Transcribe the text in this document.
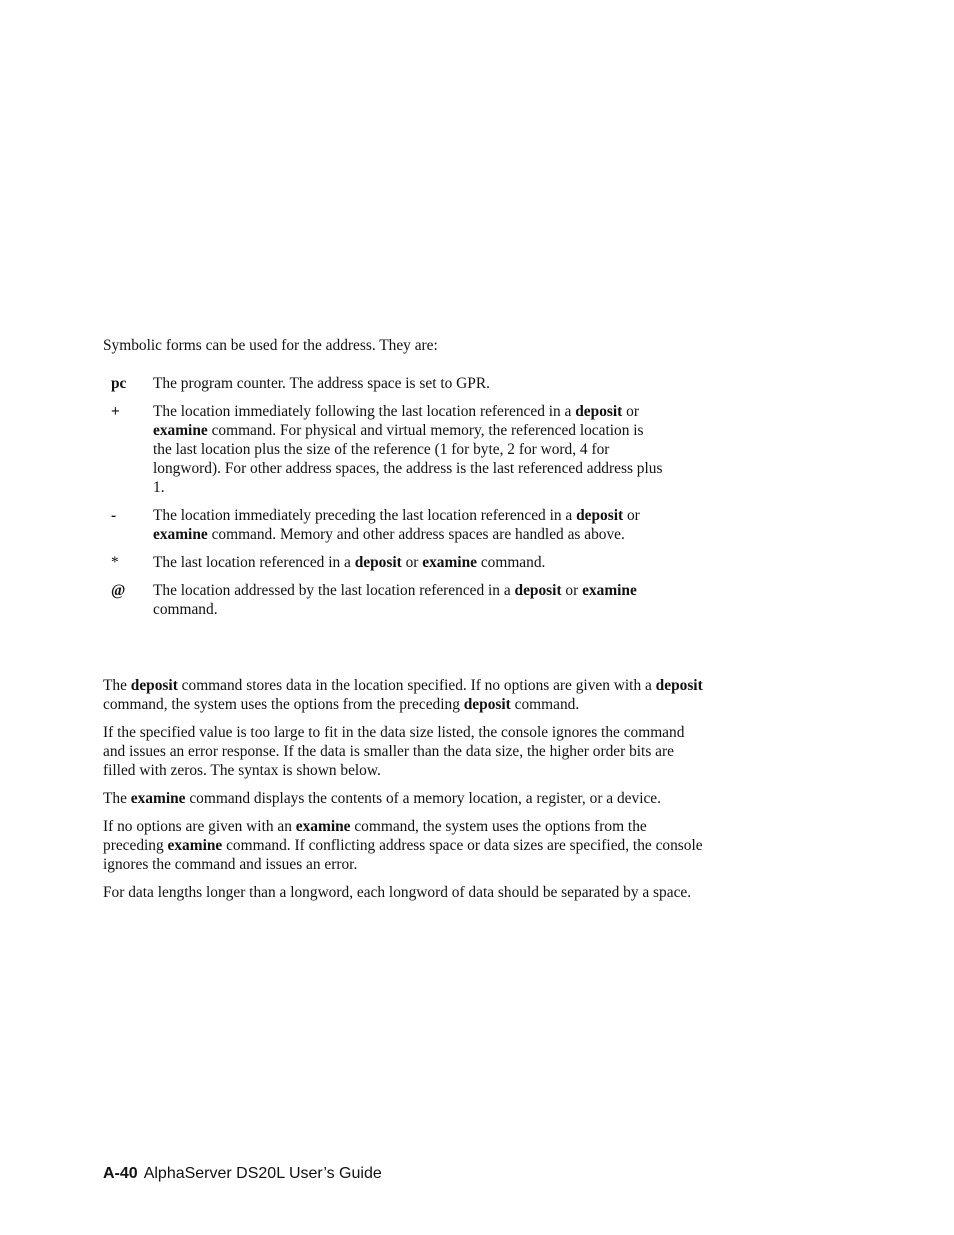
Symbolic forms can be used for the address. They are:

pc	The program counter. The address space is set to GPR.
+	The location immediately following the last location referenced in a deposit or examine command. For physical and virtual memory, the referenced location is the last location plus the size of the reference (1 for byte, 2 for word, 4 for longword). For other address spaces, the address is the last referenced address plus 1.
-	The location immediately preceding the last location referenced in a deposit or examine command. Memory and other address spaces are handled as above.
*	The last location referenced in a deposit or examine command.
@	The location addressed by the last location referenced in a deposit or examine command.

The deposit command stores data in the location specified. If no options are given with a deposit command, the system uses the options from the preceding deposit command.

If the specified value is too large to fit in the data size listed, the console ignores the command and issues an error response. If the data is smaller than the data size, the higher order bits are filled with zeros. The syntax is shown below.

The examine command displays the contents of a memory location, a register, or a device.

If no options are given with an examine command, the system uses the options from the preceding examine command. If conflicting address space or data sizes are specified, the console ignores the command and issues an error.

For data lengths longer than a longword, each longword of data should be separated by a space.

A-40 AlphaServer DS20L User’s Guide
